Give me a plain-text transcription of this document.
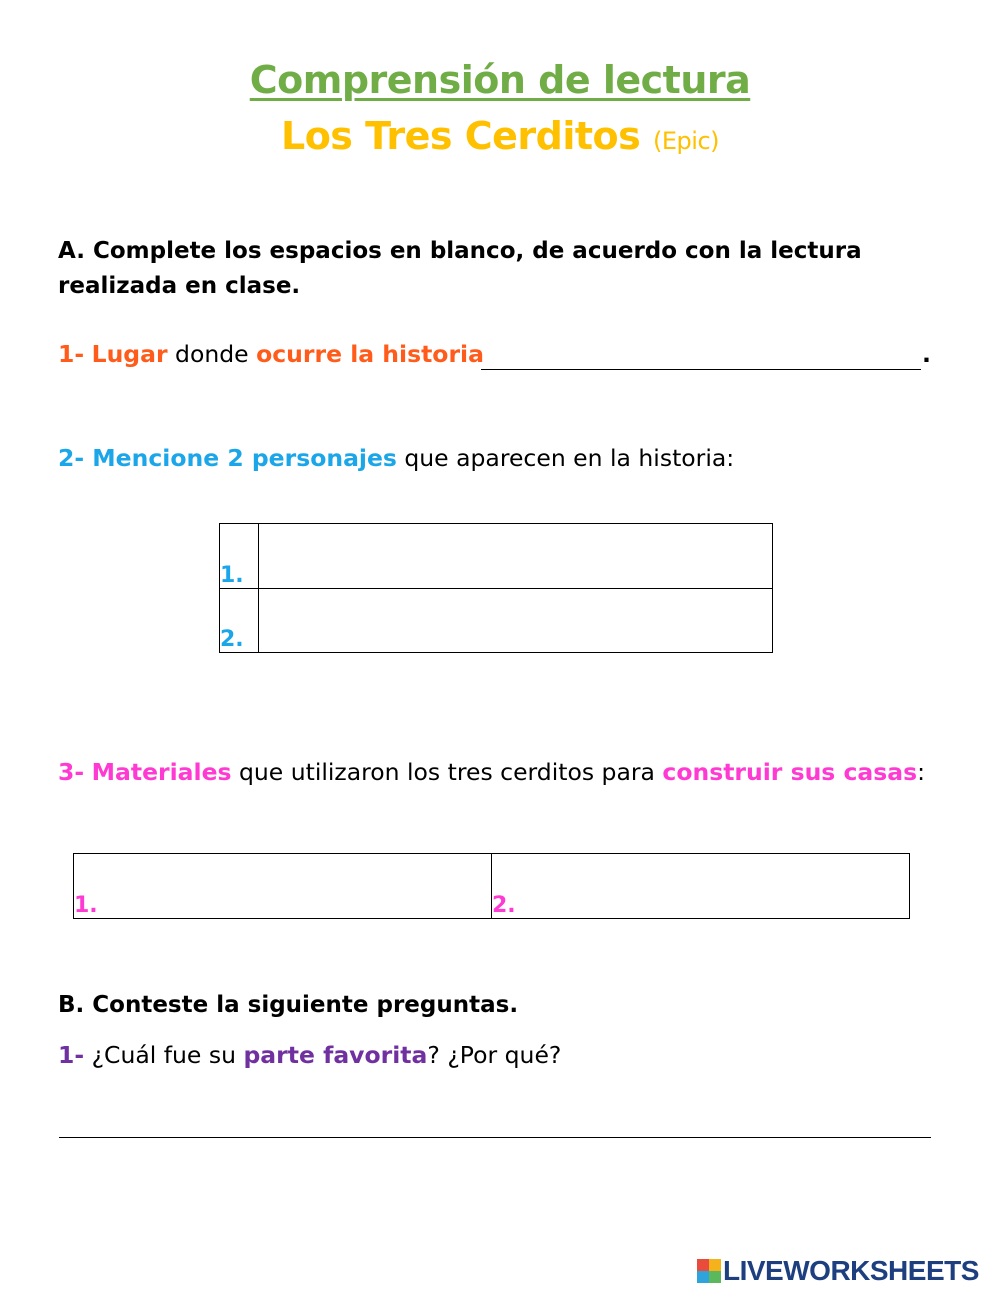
Comprensión de lectura
Los Tres Cerditos (Epic)
A. Complete los espacios en blanco, de acuerdo con la lectura
realizada en clase.
1- Lugar donde ocurre la historia	.
2- Mencione 2 personajes que aparecen en la historia:
1.	
2.	
3- Materiales que utilizaron los tres cerditos para construir sus casas:
1.	2.
B. Conteste la siguiente preguntas.
1- ¿Cuál fue su parte favorita? ¿Por qué?
LIVEWORKSHEETS
